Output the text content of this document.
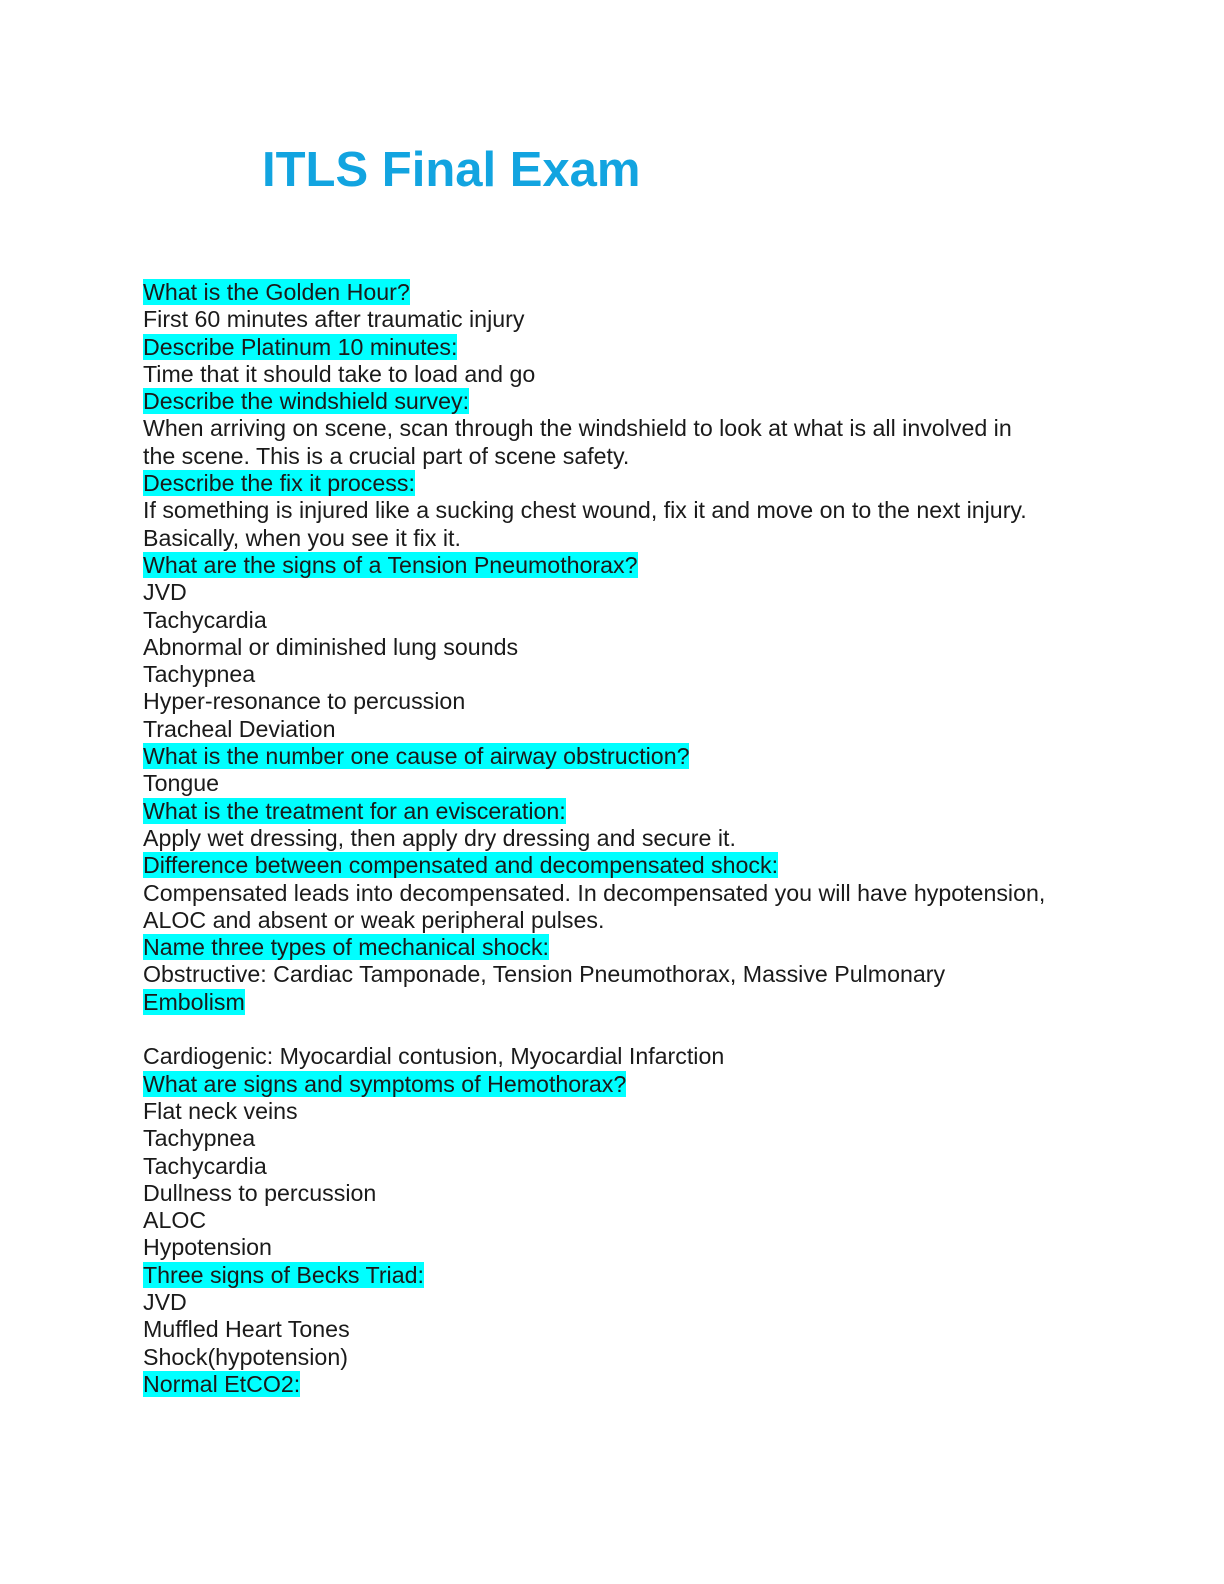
ITLS Final Exam
What is the Golden Hour?
First 60 minutes after traumatic injury
Describe Platinum 10 minutes:
Time that it should take to load and go
Describe the windshield survey:
When arriving on scene, scan through the windshield to look at what is all involved in
the scene. This is a crucial part of scene safety.
Describe the fix it process:
If something is injured like a sucking chest wound, fix it and move on to the next injury.
Basically, when you see it fix it.
What are the signs of a Tension Pneumothorax?
JVD
Tachycardia
Abnormal or diminished lung sounds
Tachypnea
Hyper-resonance to percussion
Tracheal Deviation
What is the number one cause of airway obstruction?
Tongue
What is the treatment for an evisceration:
Apply wet dressing, then apply dry dressing and secure it.
Difference between compensated and decompensated shock:
Compensated leads into decompensated. In decompensated you will have hypotension,
ALOC and absent or weak peripheral pulses.
Name three types of mechanical shock:
Obstructive: Cardiac Tamponade, Tension Pneumothorax, Massive Pulmonary
Embolism
Cardiogenic: Myocardial contusion, Myocardial Infarction
What are signs and symptoms of Hemothorax?
Flat neck veins
Tachypnea
Tachycardia
Dullness to percussion
ALOC
Hypotension
Three signs of Becks Triad:
JVD
Muffled Heart Tones
Shock(hypotension)
Normal EtCO2:
